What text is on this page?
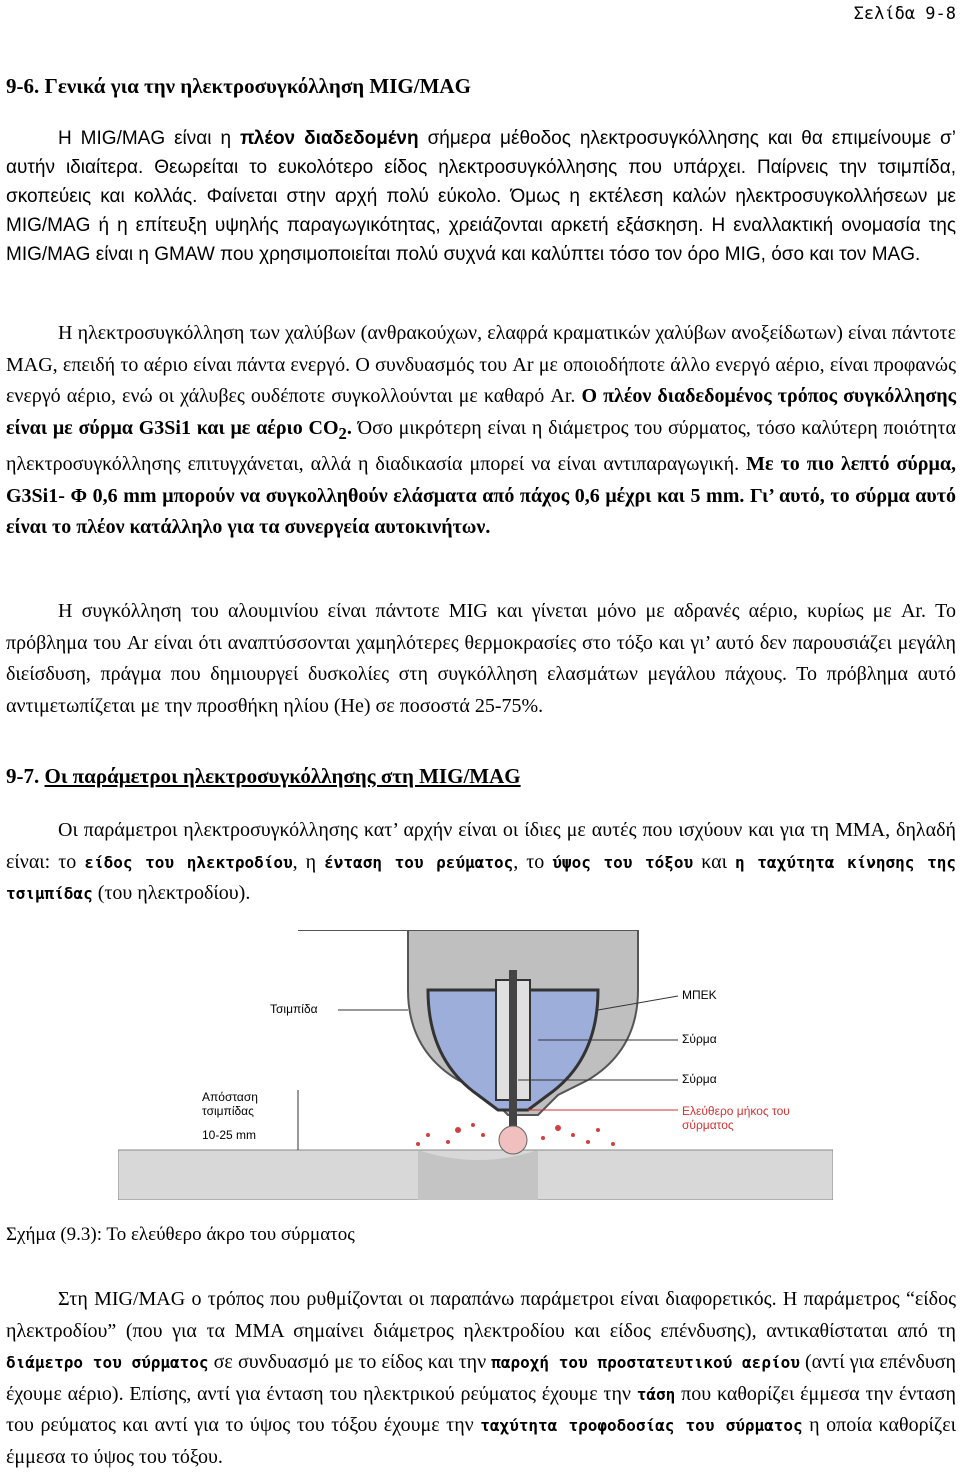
Σελίδα 9-8
9-6. Γενικά για την ηλεκτροσυγκόλληση MIG/MAG

Η MIG/MAG είναι η πλέον διαδεδομένη σήμερα μέθοδος ηλεκτροσυγκόλλησης και θα επιμείνουμε σ’ αυτήν ιδιαίτερα. Θεωρείται το ευκολότερο είδος ηλεκτροσυγκόλλησης που υπάρχει. Παίρνεις την τσιμπίδα, σκοπεύεις και κολλάς. Φαίνεται στην αρχή πολύ εύκολο. Όμως η εκτέλεση καλών ηλεκτροσυγκολλήσεων με MIG/MAG ή η επίτευξη υψηλής παραγωγικότητας, χρειάζονται αρκετή εξάσκηση. Η εναλλακτική ονομασία της MIG/MAG είναι η GMAW που χρησιμοποιείται πολύ συχνά και καλύπτει τόσο τον όρο MIG, όσο και τον MAG.

Η ηλεκτροσυγκόλληση των χαλύβων (ανθρακούχων, ελαφρά κραματικών χαλύβων ανοξείδωτων) είναι πάντοτε MAG, επειδή το αέριο είναι πάντα ενεργό. Ο συνδυασμός του Ar με οποιοδήποτε άλλο ενεργό αέριο, είναι προφανώς ενεργό αέριο, ενώ οι χάλυβες ουδέποτε συγκολλούνται με καθαρό Ar. Ο πλέον διαδεδομένος τρόπος συγκόλλησης είναι με σύρμα G3Si1 και με αέριο $CO_2$. Όσο μικρότερη είναι η διάμετρος του σύρματος, τόσο καλύτερη ποιότητα ηλεκτροσυγκόλλησης επιτυγχάνεται, αλλά η διαδικασία μπορεί να είναι αντιπαραγωγική. Με το πιο λεπτό σύρμα, G3Si1- Φ 0,6 mm μπορούν να συγκολληθούν ελάσματα από πάχος 0,6 μέχρι και 5 mm. Γι’ αυτό, το σύρμα αυτό είναι το πλέον κατάλληλο για τα συνεργεία αυτοκινήτων.

Η συγκόλληση του αλουμινίου είναι πάντοτε MIG και γίνεται μόνο με αδρανές αέριο, κυρίως με Ar. Το πρόβλημα του Ar είναι ότι αναπτύσσονται χαμηλότερες θερμοκρασίες στο τόξο και γι’ αυτό δεν παρουσιάζει μεγάλη διείσδυση, πράγμα που δημιουργεί δυσκολίες στη συγκόλληση ελασμάτων μεγάλου πάχους. Το πρόβλημα αυτό αντιμετωπίζεται με την προσθήκη ηλίου (He) σε ποσοστά 25-75%.

9-7. Οι παράμετροι ηλεκτροσυγκόλλησης στη MIG/MAG

Οι παράμετροι ηλεκτροσυγκόλλησης κατ’ αρχήν είναι οι ίδιες με αυτές που ισχύουν και για τη MMA, δηλαδή είναι: το είδος του ηλεκτροδίου, η ένταση του ρεύματος, το ύψος του τόξου και η ταχύτητα κίνησης της τσιμπίδας (του ηλεκτροδίου).

Τσιμπίδα
ΜΠΕΚ
Σύρμα
Σύρμα
Απόσταση τσιμπίδας
10-25 mm
Ελεύθερο μήκος του σύρματος
Σχήμα (9.3): Το ελεύθερο άκρο του σύρματος

Στη MIG/MAG ο τρόπος που ρυθμίζονται οι παραπάνω παράμετροι είναι διαφορετικός. Η παράμετρος “είδος ηλεκτροδίου” (που για τα MMA σημαίνει διάμετρος ηλεκτροδίου και είδος επένδυσης), αντικαθίσταται από τη διάμετρο του σύρματος σε συνδυασμό με το είδος και την παροχή του προστατευτικού αερίου (αντί για επένδυση έχουμε αέριο). Επίσης, αντί για ένταση του ηλεκτρικού ρεύματος έχουμε την τάση που καθορίζει έμμεσα την ένταση του ρεύματος και αντί για το ύψος του τόξου έχουμε την ταχύτητα τροφοδοσίας του σύρματος η οποία καθορίζει έμμεσα το ύψος του τόξου.
